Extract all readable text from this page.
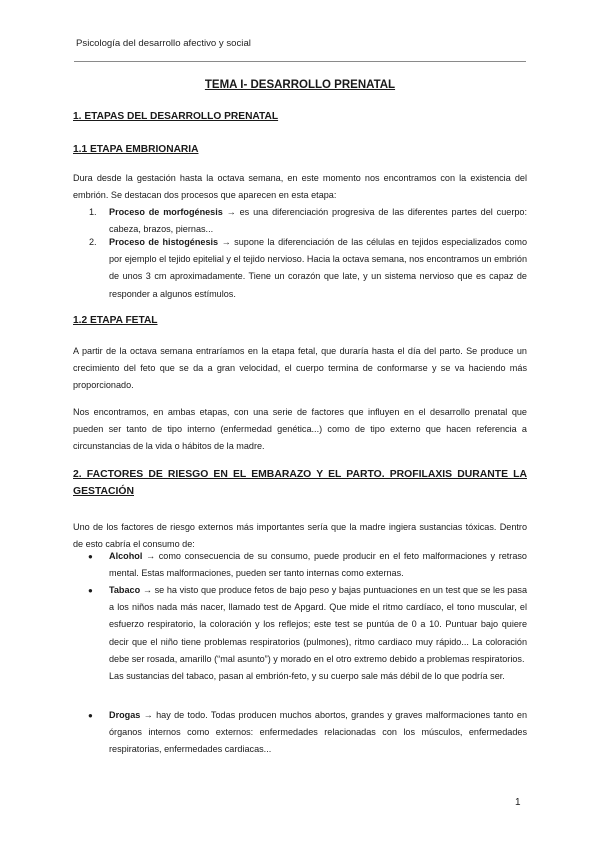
Psicología del desarrollo afectivo y social
TEMA I- DESARROLLO PRENATAL
1. ETAPAS DEL DESARROLLO PRENATAL
1.1 ETAPA EMBRIONARIA
Dura desde la gestación hasta la octava semana, en este momento nos encontramos con la existencia del embrión. Se destacan dos procesos que aparecen en esta etapa:
1.	Proceso de morfogénesis → es una diferenciación progresiva de las diferentes partes del cuerpo: cabeza, brazos, piernas...
2.	Proceso de histogénesis → supone la diferenciación de las células en tejidos especializados como por ejemplo el tejido epitelial y el tejido nervioso. Hacia la octava semana, nos encontramos un embrión de unos 3 cm aproximadamente. Tiene un corazón que late, y un sistema nervioso que es capaz de responder a algunos estímulos.
1.2 ETAPA FETAL
A partir de la octava semana entraríamos en la etapa fetal, que duraría hasta el día del parto. Se produce un crecimiento del feto que se da a gran velocidad, el cuerpo termina de conformarse y se va haciendo más proporcionado.
Nos encontramos, en ambas etapas, con una serie de factores que influyen en el desarrollo prenatal que pueden ser tanto de tipo interno (enfermedad genética...) como de tipo externo que hacen referencia a circunstancias de la vida o hábitos de la madre.
2. FACTORES DE RIESGO EN EL EMBARAZO Y EL PARTO. PROFILAXIS DURANTE LA GESTACIÓN
Uno de los factores de riesgo externos más importantes sería que la madre ingiera sustancias tóxicas. Dentro de esto cabría el consumo de:
● Alcohol → como consecuencia de su consumo, puede producir en el feto malformaciones y retraso mental. Estas malformaciones, pueden ser tanto internas como externas.
● Tabaco → se ha visto que produce fetos de bajo peso y bajas puntuaciones en un test que se les pasa a los niños nada más nacer, llamado test de Apgard. Que mide el ritmo cardíaco, el tono muscular, el esfuerzo respiratorio, la coloración y los reflejos; este test se puntúa de 0 a 10. Puntuar bajo quiere decir que el niño tiene problemas respiratorios (pulmones), ritmo cardiaco muy rápido... La coloración debe ser rosada, amarillo (“mal asunto”) y morado en el otro extremo debido a problemas respiratorios.
Las sustancias del tabaco, pasan al embrión-feto, y su cuerpo sale más débil de lo que podría ser.
● Drogas → hay de todo. Todas producen muchos abortos, grandes y graves malformaciones tanto en órganos internos como externos: enfermedades relacionadas con los músculos, enfermedades respiratorias, enfermedades cardiacas...
1
